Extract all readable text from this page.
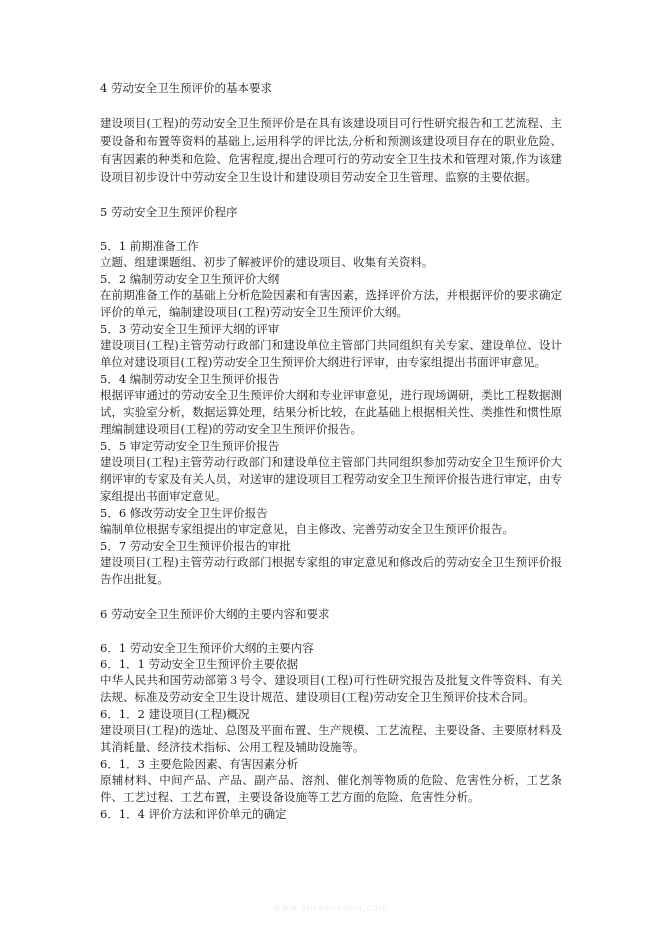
4 劳动安全卫生预评价的基本要求

建设项目(工程)的劳动安全卫生预评价是在具有该建设项目可行性研究报告和工艺流程、主要设备和布置等资料的基础上,运用科学的评比法,分析和预测该建设项目存在的职业危险、有害因素的种类和危险、危害程度,提出合理可行的劳动安全卫生技术和管理对策,作为该建设项目初步设计中劳动安全卫生设计和建设项目劳动安全卫生管理、监察的主要依据。

5 劳动安全卫生预评价程序
5．1 前期准备工作

立题、组建课题组、初步了解被评价的建设项目、收集有关资料。

5．2 编制劳动安全卫生预评价大纲

在前期准备工作的基础上分析危险因素和有害因素，选择评价方法，并根据评价的要求确定评价的单元，编制建设项目(工程)劳动安全卫生预评价大纲。

5．3 劳动安全卫生预评大纲的评审

建设项目(工程)主管劳动行政部门和建设单位主管部门共同组织有关专家、建设单位、设计单位对建设项目(工程)劳动安全卫生预评价大纲进行评审，由专家组提出书面评审意见。

5．4 编制劳动安全卫生预评价报告

根据评审通过的劳动安全卫生预评价大纲和专业评审意见，进行现场调研，类比工程数据测试，实验室分析，数据运算处理，结果分析比较，在此基础上根据相关性、类推性和惯性原理编制建设项目(工程)的劳动安全卫生预评价报告。

5．5 审定劳动安全卫生预评价报告

建设项目(工程)主管劳动行政部门和建设单位主管部门共同组织参加劳动安全卫生预评价大纲评审的专家及有关人员，对送审的建设项目工程劳动安全卫生预评价报告进行审定，由专家组提出书面审定意见。

5．6 修改劳动安全卫生评价报告

编制单位根据专家组提出的审定意见，自主修改、完善劳动安全卫生预评价报告。

5．7 劳动安全卫生预评价报告的审批

建设项目(工程)主管劳动行政部门根据专家组的审定意见和修改后的劳动安全卫生预评价报告作出批复。

6 劳动安全卫生预评价大纲的主要内容和要求
6．1 劳动安全卫生预评价大纲的主要内容
6．1．1 劳动安全卫生预评价主要依据

中华人民共和国劳动部第３号令、建设项目(工程)可行性研究报告及批复文件等资料、有关法规、标准及劳动安全卫生设计规范、建设项目(工程)劳动安全卫生预评价技术合同。

6．1．2 建设项目(工程)概况

建设项目(工程)的选址、总图及平面布置、生产规模、工艺流程、主要设备、主要原材料及其消耗量、经济技术指标、公用工程及辅助设施等。

6．1．3 主要危险因素、有害因素分析

原辅材料、中间产品、产品、副产品、溶剂、催化剂等物质的危险、危害性分析，工艺条件、工艺过程、工艺布置，主要设备设施等工艺方面的危险、危害性分析。

6．1．4 评价方法和评价单元的确定
www.zhinaokang.com
